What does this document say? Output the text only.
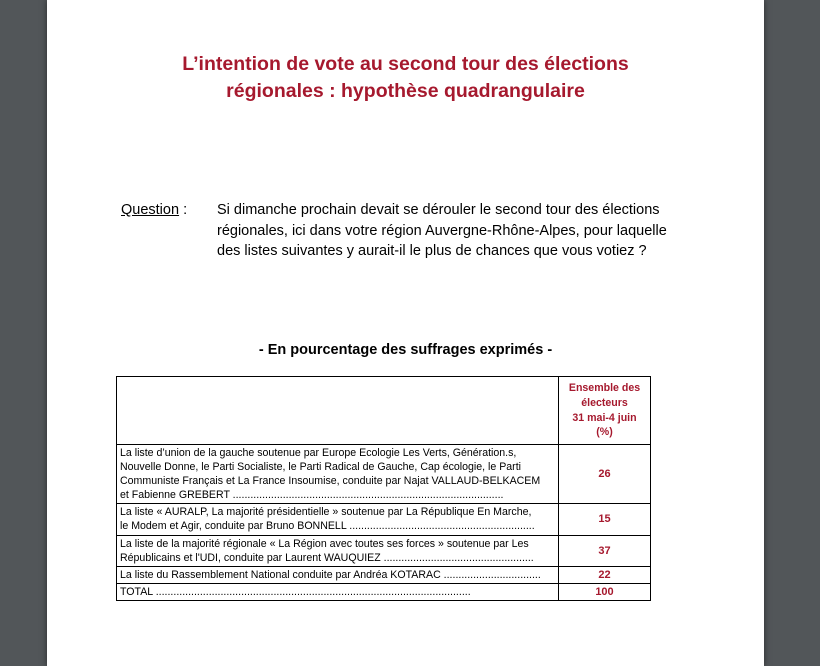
L’intention de vote au second tour des élections
régionales : hypothèse quadrangulaire
Question : Si dimanche prochain devait se dérouler le second tour des élections
régionales, ici dans votre région Auvergne-Rhône-Alpes, pour laquelle
des listes suivantes y aurait-il le plus de chances que vous votiez ?
- En pourcentage des suffrages exprimés -

	Ensemble des
électeurs
31 mai-4 juin
(%)

La liste d’union de la gauche soutenue par Europe Ecologie Les Verts, Génération.s,
Nouvelle Donne, le Parti Socialiste, le Parti Radical de Gauche, Cap écologie, le Parti
Communiste Français et La France Insoumise, conduite par Najat VALLAUD-BELKACEM
et Fabienne GREBERT ............................................................................................	26

La liste « AURALP, La majorité présidentielle » soutenue par La République En Marche,
le Modem et Agir, conduite par Bruno BONNELL ...............................................................	15

La liste de la majorité régionale « La Région avec toutes ses forces » soutenue par Les
Républicains et l'UDI, conduite par Laurent WAUQUIEZ ...................................................	37

La liste du Rassemblement National conduite par Andréa KOTARAC .................................	22

TOTAL ...........................................................................................................	100
